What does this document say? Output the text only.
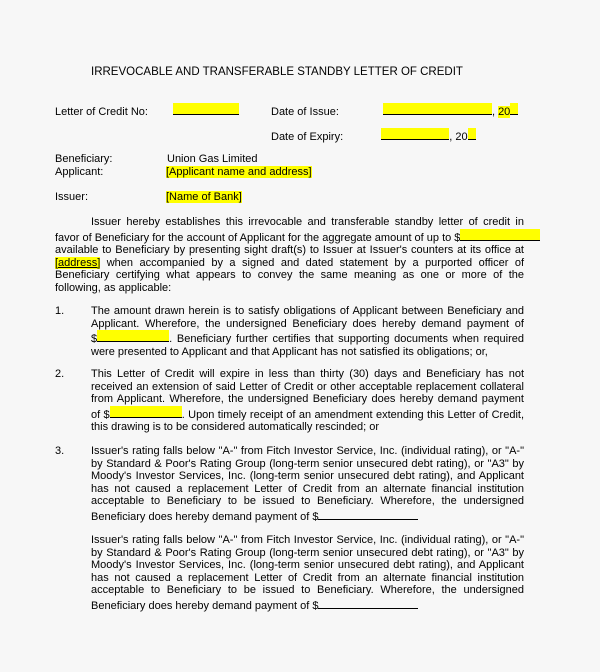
IRREVOCABLE AND TRANSFERABLE STANDBY LETTER OF CREDIT
Letter of Credit No:	Date of Issue:	, 20
Date of Expiry:	, 20
Beneficiary:	Union Gas Limited
Applicant:	[Applicant name and address]
Issuer:	[Name of Bank]
Issuer hereby establishes this irrevocable and transferable standby letter of credit in
favor of Beneficiary for the account of Applicant for the aggregate amount of up to $
available to Beneficiary by presenting sight draft(s) to Issuer at Issuer's counters at its office at
[address] when accompanied by a signed and dated statement by a purported officer of
Beneficiary certifying what appears to convey the same meaning as one or more of the
following, as applicable:
1. The amount drawn herein is to satisfy obligations of Applicant between Beneficiary and
Applicant. Wherefore, the undersigned Beneficiary does hereby demand payment of
$	. Beneficiary further certifies that supporting documents when required
were presented to Applicant and that Applicant has not satisfied its obligations; or,
2. This Letter of Credit will expire in less than thirty (30) days and Beneficiary has not
received an extension of said Letter of Credit or other acceptable replacement collateral
from Applicant. Wherefore, the undersigned Beneficiary does hereby demand payment
of $	. Upon timely receipt of an amendment extending this Letter of Credit,
this drawing is to be considered automatically rescinded; or
3. Issuer's rating falls below "A-" from Fitch Investor Service, Inc. (individual rating), or "A-"
by Standard & Poor's Rating Group (long-term senior unsecured debt rating), or "A3" by
Moody's Investor Services, Inc. (long-term senior unsecured debt rating), and Applicant
has not caused a replacement Letter of Credit from an alternate financial institution
acceptable to Beneficiary to be issued to Beneficiary. Wherefore, the undersigned
Beneficiary does hereby demand payment of $
Issuer's rating falls below "A-" from Fitch Investor Service, Inc. (individual rating), or "A-"
by Standard & Poor's Rating Group (long-term senior unsecured debt rating), or "A3" by
Moody's Investor Services, Inc. (long-term senior unsecured debt rating), and Applicant
has not caused a replacement Letter of Credit from an alternate financial institution
acceptable to Beneficiary to be issued to Beneficiary. Wherefore, the undersigned
Beneficiary does hereby demand payment of $
